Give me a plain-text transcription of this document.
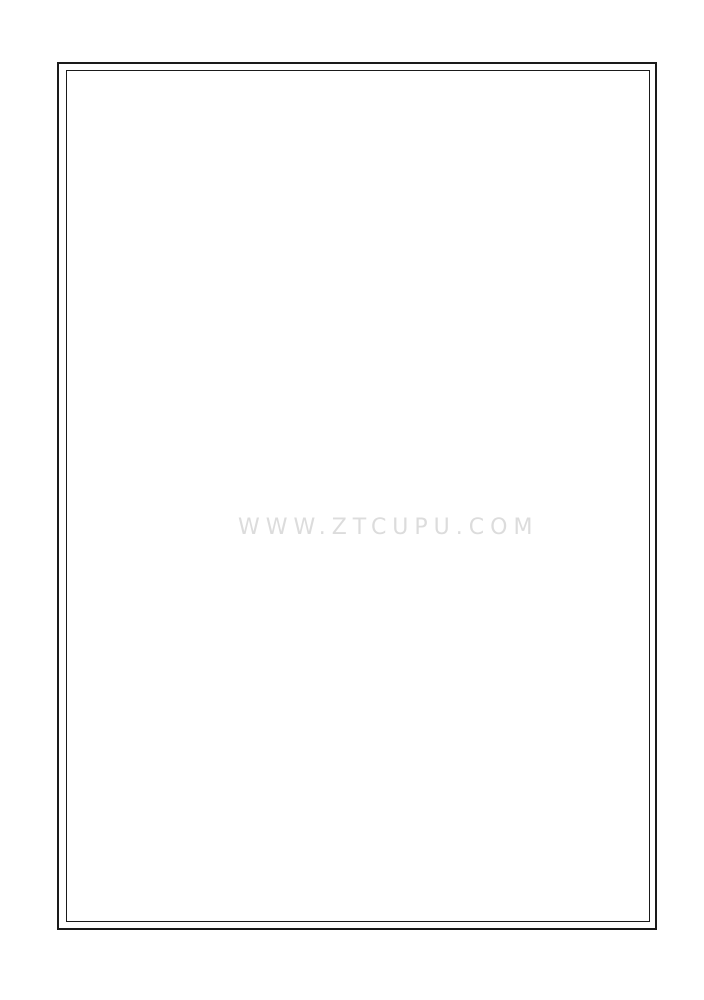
WWW.ZTCUPU.COM
